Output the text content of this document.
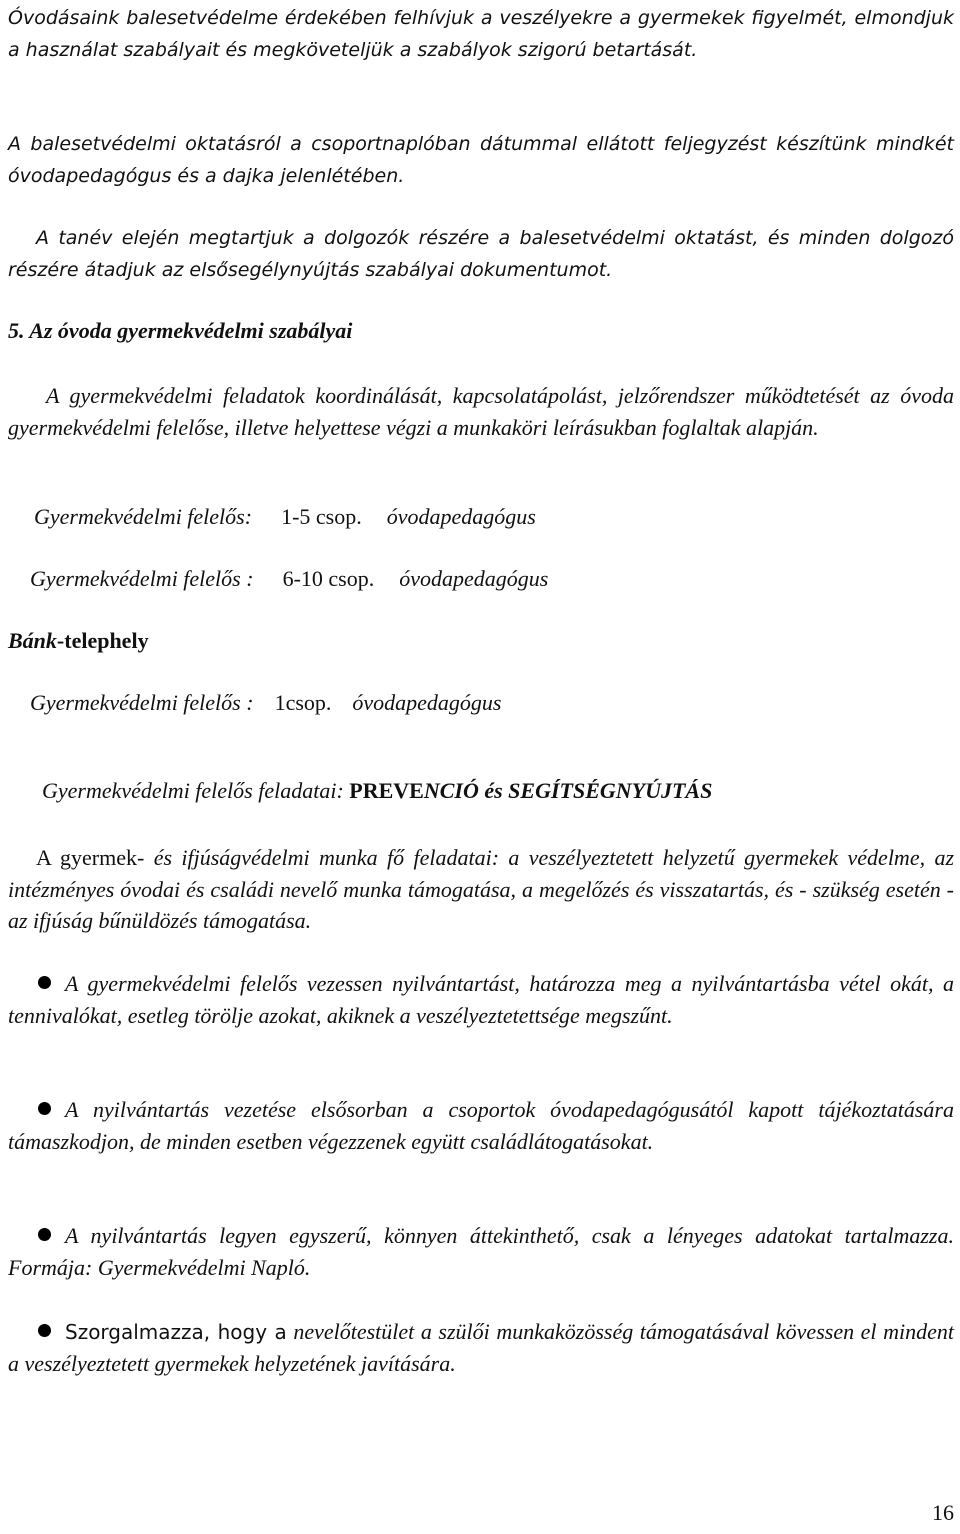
Óvodásaink balesetvédelme érdekében felhívjuk a veszélyekre a gyermekek figyelmét, elmondjuk a használat szabályait és megköveteljük a szabályok szigorú betartását.

A balesetvédelmi oktatásról a csoportnaplóban dátummal ellátott feljegyzést készítünk mindkét óvodapedagógus és a dajka jelenlétében.

A tanév elején megtartjuk a dolgozók részére a balesetvédelmi oktatást, és minden dolgozó részére átadjuk az elsősegélynyújtás szabályai dokumentumot.

5. Az óvoda gyermekvédelmi szabályai

A gyermekvédelmi feladatok koordinálását, kapcsolatápolást, jelzőrendszer működtetését az óvoda gyermekvédelmi felelőse, illetve helyettese végzi a munkaköri leírásukban foglaltak alapján.

Gyermekvédelmi felelős: 1-5 csop. óvodapedagógus

Gyermekvédelmi felelős : 6-10 csop. óvodapedagógus

Bánk-telephely

Gyermekvédelmi felelős : 1csop. óvodapedagógus

Gyermekvédelmi felelős feladatai: PREVENCIÓ és SEGÍTSÉGNYÚJTÁS

A gyermek- és ifjúságvédelmi munka fő feladatai: a veszélyeztetett helyzetű gyermekek védelme, az intézményes óvodai és családi nevelő munka támogatása, a megelőzés és visszatartás, és - szükség esetén - az ifjúság bűnüldözés támogatása.

A gyermekvédelmi felelős vezessen nyilvántartást, határozza meg a nyilvántartásba vétel okát, a tennivalókat, esetleg törölje azokat, akiknek a veszélyeztetettsége megszűnt.

A nyilvántartás vezetése elsősorban a csoportok óvodapedagógusától kapott tájékoztatására támaszkodjon, de minden esetben végezzenek együtt családlátogatásokat.

A nyilvántartás legyen egyszerű, könnyen áttekinthető, csak a lényeges adatokat tartalmazza. Formája: Gyermekvédelmi Napló.

Szorgalmazza, hogy a nevelőtestület a szülői munkaközösség támogatásával kövessen el mindent a veszélyeztetett gyermekek helyzetének javítására.

16
